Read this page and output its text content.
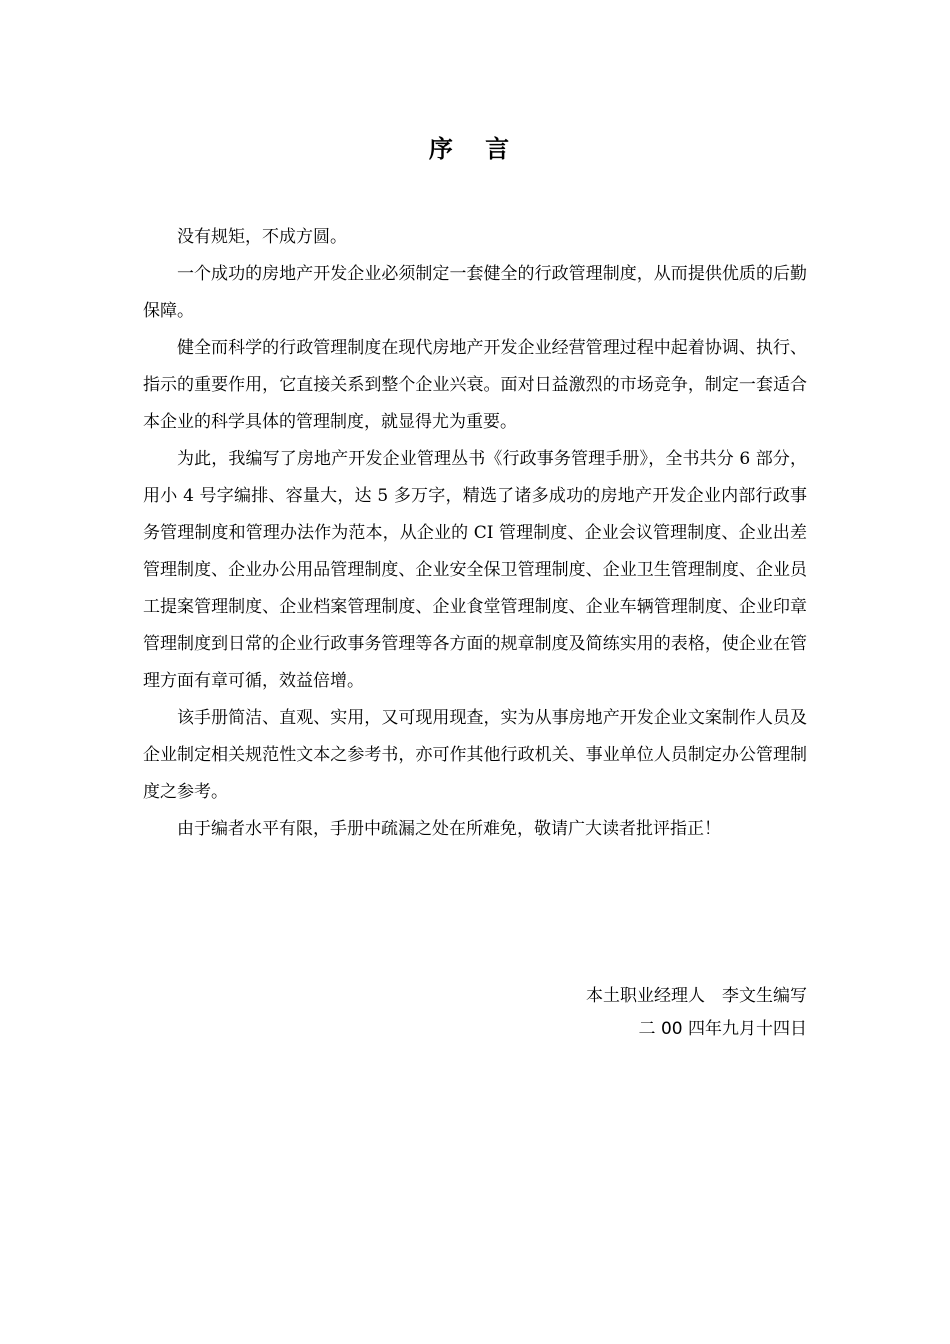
序 言

没有规矩，不成方圆。

一个成功的房地产开发企业必须制定一套健全的行政管理制度，从而提供优质的后勤保障。

健全而科学的行政管理制度在现代房地产开发企业经营管理过程中起着协调、执行、指示的重要作用，它直接关系到整个企业兴衰。面对日益激烈的市场竞争，制定一套适合本企业的科学具体的管理制度，就显得尤为重要。

为此，我编写了房地产开发企业管理丛书《行政事务管理手册》，全书共分 6 部分，用小 4 号字编排、容量大，达 5 多万字，精选了诸多成功的房地产开发企业内部行政事务管理制度和管理办法作为范本，从企业的 CI 管理制度、企业会议管理制度、企业出差管理制度、企业办公用品管理制度、企业安全保卫管理制度、企业卫生管理制度、企业员工提案管理制度、企业档案管理制度、企业食堂管理制度、企业车辆管理制度、企业印章管理制度到日常的企业行政事务管理等各方面的规章制度及简练实用的表格，使企业在管理方面有章可循，效益倍增。

该手册简洁、直观、实用，又可现用现查，实为从事房地产开发企业文案制作人员及企业制定相关规范性文本之参考书，亦可作其他行政机关、事业单位人员制定办公管理制度之参考。

由于编者水平有限，手册中疏漏之处在所难免，敬请广大读者批评指正！

本土职业经理人　李文生编写
二 00 四年九月十四日
